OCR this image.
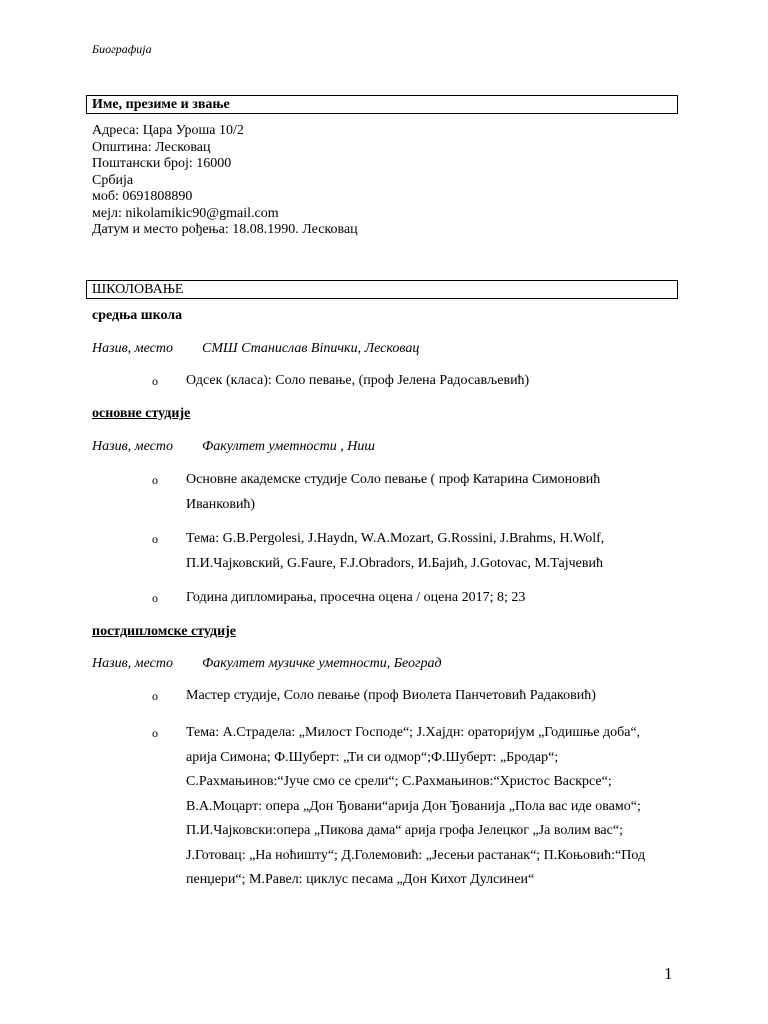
Биографија
Име, презиме и звање
Адреса: Цара Уроша 10/2
Општина: Лесковац
Поштански број: 16000
Србија
моб: 0691808890
мејл: nikolamikic90@gmail.com
Датум и место рођења: 18.08.1990. Лесковац
ШКОЛОВАЊЕ
средња школа
Назив, место СМШ Станислав Binички, Лесковац
o Одсек (класа): Соло певање, (проф Јелена Радосављевић)
основне студије
Назив, место Факултет уметности , Ниш
o Основне академске студије Соло певање ( проф Катарина Симоновић Иванковић)
o Тема: G.B.Pergolesi, J.Haydn, W.A.Mozart, G.Rossini, J.Brahms, H.Wolf, П.И.Чајковский, G.Faure, F.J.Obradors, И.Бајић, J.Gotovac, М.Тајчевић
o Година дипломирања, просечна оцена / оцена 2017; 8; 23
постдипломске студије
Назив, место Факултет музичке уметности, Београд
o Мастер студије, Соло певање (проф Виолета Панчетовић Радаковић)
o Тема: А.Страдела: „Милост Господе“; Ј.Хајдн: ораторијум „Годишње доба“, арија Симона; Ф.Шуберт: „Ти си одмор“;Ф.Шуберт: „Бродар“; С.Рахмањинов:“Јуче смо се срели“; С.Рахмањинов:“Христос Васкрсе“; В.А.Моцарт: опера „Дон Ђовани“арија Дон Ђованија „Пола вас иде овамо“; П.И.Чајковски:опера „Пикова дама“ арија грофа Јелецког „Ја волим вас“; Ј.Готовац: „На ноћишту“; Д.Големовић: „Јесењи растанак“; П.Коњовић:“Под пенџери“; М.Равел: циклус песама „Дон Кихот Дулсинеи“
1
